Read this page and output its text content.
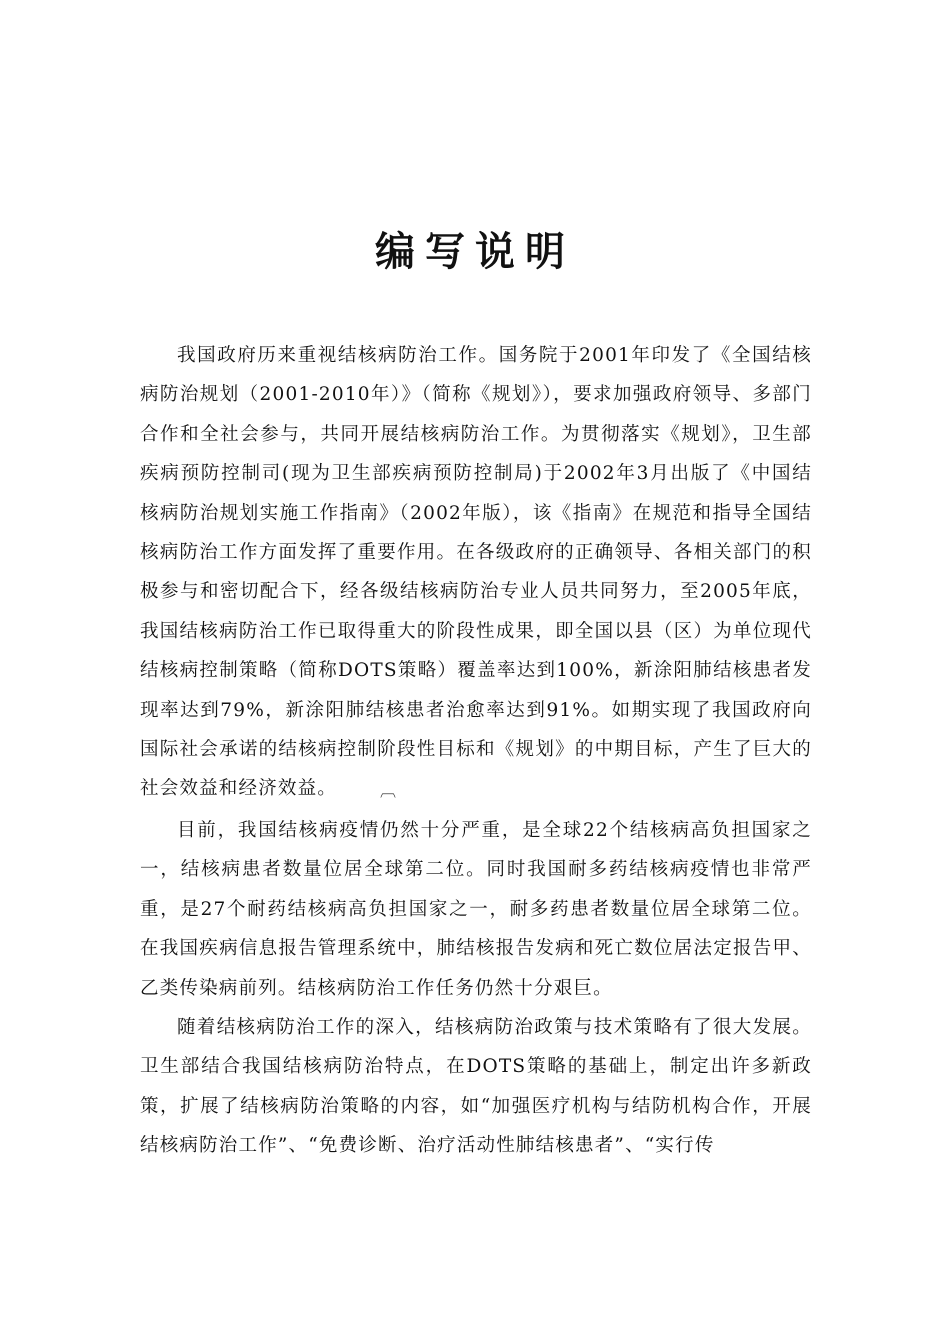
编写说明

我国政府历来重视结核病防治工作。国务院于2001年印发了《全国结核病防治规划（2001-2010年）》（简称《规划》），要求加强政府领导、多部门合作和全社会参与，共同开展结核病防治工作。为贯彻落实《规划》，卫生部疾病预防控制司(现为卫生部疾病预防控制局)于2002年3月出版了《中国结核病防治规划实施工作指南》（2002年版），该《指南》在规范和指导全国结核病防治工作方面发挥了重要作用。在各级政府的正确领导、各相关部门的积极参与和密切配合下，经各级结核病防治专业人员共同努力，至2005年底，我国结核病防治工作已取得重大的阶段性成果，即全国以县（区）为单位现代结核病控制策略（简称DOTS策略）覆盖率达到100%，新涂阳肺结核患者发现率达到79%，新涂阳肺结核患者治愈率达到91%。如期实现了我国政府向国际社会承诺的结核病控制阶段性目标和《规划》的中期目标，产生了巨大的社会效益和经济效益。	︹

目前，我国结核病疫情仍然十分严重，是全球22个结核病高负担国家之一，结核病患者数量位居全球第二位。同时我国耐多药结核病疫情也非常严重，是27个耐药结核病高负担国家之一，耐多药患者数量位居全球第二位。在我国疾病信息报告管理系统中，肺结核报告发病和死亡数位居法定报告甲、乙类传染病前列。结核病防治工作任务仍然十分艰巨。

随着结核病防治工作的深入，结核病防治政策与技术策略有了很大发展。卫生部结合我国结核病防治特点，在DOTS策略的基础上，制定出许多新政策，扩展了结核病防治策略的内容，如“加强医疗机构与结防机构合作，开展结核病防治工作”、“免费诊断、治疗活动性肺结核患者”、“实行传
